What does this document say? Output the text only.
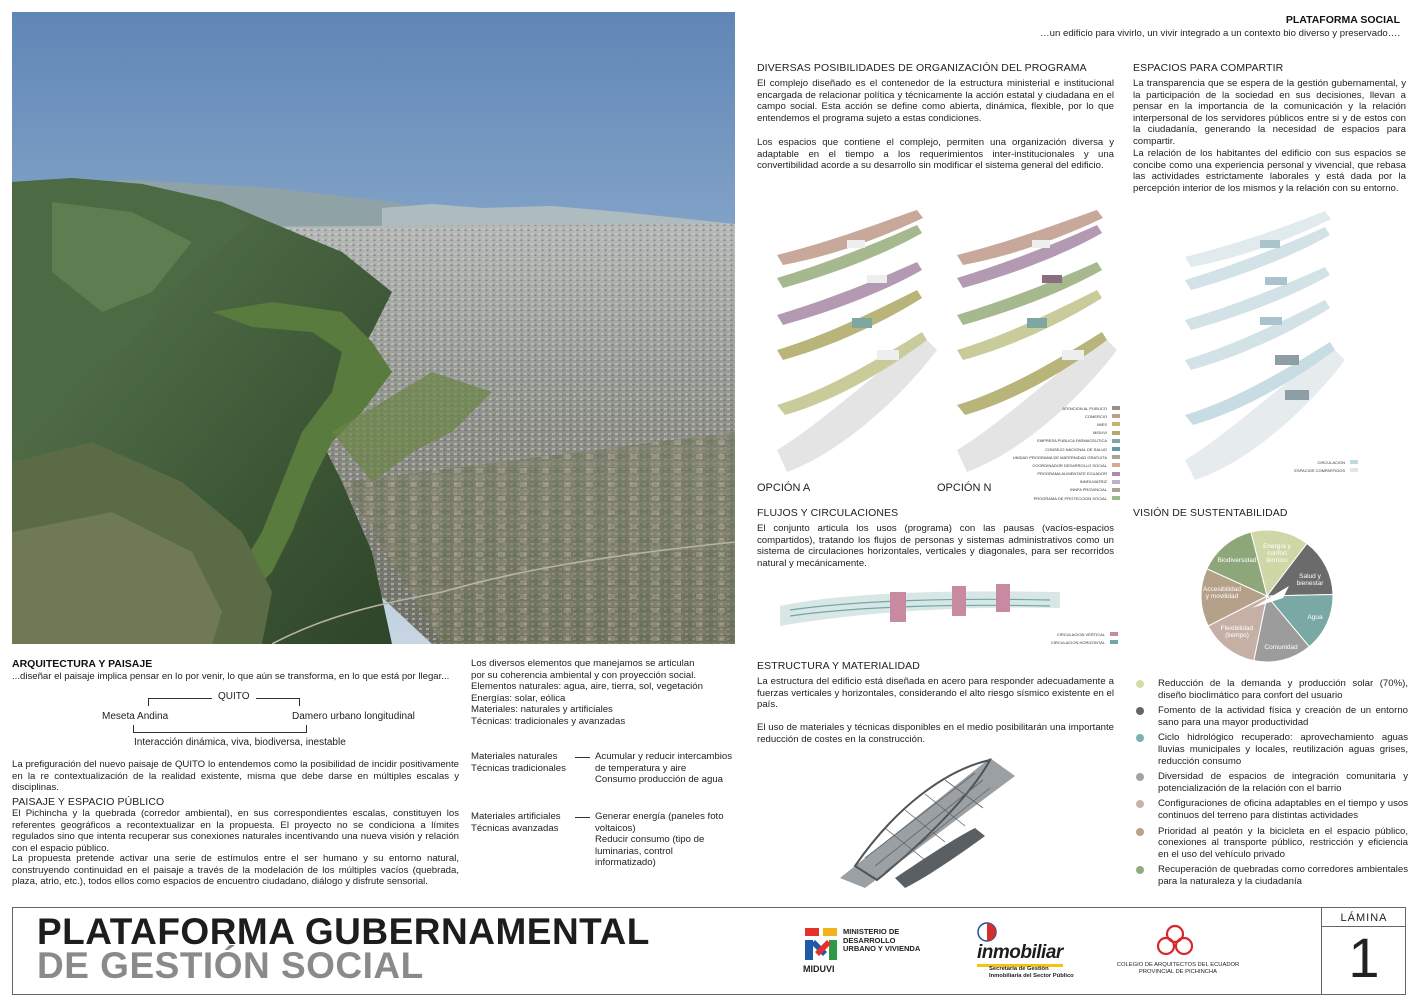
PLATAFORMA SOCIAL
…un edificio para vivirlo, un vivir integrado a un contexto bio diverso y preservado….
DIVERSAS POSIBILIDADES DE ORGANIZACIÓN DEL PROGRAMA
El complejo diseñado es el contenedor de la estructura ministerial e institucional encargada de relacionar política y técnicamente la acción estatal y ciudadana en el campo social. Esta acción se define como abierta, dinámica, flexible, por lo que entendemos el programa sujeto a estas condiciones.
Los espacios que contiene el complejo, permiten una organización diversa y adaptable en el tiempo a los requerimientos inter-institucionales y una convertibilidad acorde a su desarrollo sin modificar el sistema general del edificio.
ATENCION AL PUBLICO
COMERCIO
MIES
MIDUVI
EMPRESA PUBLICA FARMACEUTICA
CONSEJO NACIONAL DE SALUD
UNIDAD PROGRAMA DE MATERNIDAD GRATUITA
COORDINADOR DESARROLLO SOCIAL
PROGRAMA ALIMENTATE ECUADOR
INNFA MATRIZ
INNFA PROVINCIAL
PROGRAMA DE PROTECCION SOCIAL
OPCIÓN A	OPCIÓN N
ESPACIOS PARA COMPARTIR
La transparencia que se espera de la gestión gubernamental, y la participación de la sociedad en sus decisiones, llevan a pensar en la importancia de la comunicación y la relación interpersonal de los servidores públicos entre si y de estos con la ciudadanía, generando la necesidad de espacios para compartir.
La relación de los habitantes del edificio con sus espacios se concibe como una experiencia personal y vivencial, que rebasa las actividades estrictamente laborales y está dada por la percepción interior de los mismos y la relación con su entorno.
CIRCULACION
ESPACIOS COMPARTIDOS
FLUJOS Y CIRCULACIONES
El conjunto articula los usos (programa) con las pausas (vacíos-espacios compartidos), tratando los flujos de personas y sistemas administrativos como un sistema de circulaciones horizontales, verticales y diagonales, para ser recorridos natural y mecánicamente.
CIRCULACION VERTICAL
CIRCULACION HORIZONTAL
ESTRUCTURA Y MATERIALIDAD
La estructura del edificio está diseñada en acero para responder adecuadamente a fuerzas verticales y horizontales, considerando el alto riesgo sísmico existente en el país.
El uso de materiales y técnicas disponibles en el medio posibilitarán una importante reducción de costes en la construcción.
VISIÓN DE SUSTENTABILIDAD
Energía y confort térmico
Salud y bienestar
Agua
Comunidad
Flexibilidad (tiempo)
Accesibilidad y movilidad
Biodiversidad
Reducción de la demanda y producción solar (70%), diseño bioclimático para confort del usuario
Fomento de la actividad física y creación de un entorno sano para una mayor productividad
Ciclo hidrológico recuperado: aprovechamiento aguas lluvias municipales y locales, reutilización aguas grises, reducción consumo
Diversidad de espacios de integración comunitaria y potencialización de la relación con el barrio
Configuraciones de oficina adaptables en el tiempo y usos continuos del terreno para distintas actividades
Prioridad al peatón y la bicicleta en el espacio público, conexiones al transporte público, restricción y eficiencia en el uso del vehículo privado
Recuperación de quebradas como corredores ambientales para la naturaleza y la ciudadanía
ARQUITECTURA Y PAISAJE
...diseñar el paisaje implica pensar en lo por venir, lo que aún se transforma, en lo que está por llegar...
QUITO
Meseta Andina	Damero urbano longitudinal
Interacción dinámica, viva, biodiversa, inestable
La prefiguración del nuevo paisaje de QUITO lo entendemos como la posibilidad de incidir positivamente en la re contextualización de la realidad existente, misma que debe darse en múltiples escalas y disciplinas.
PAISAJE Y ESPACIO PÚBLICO
El Pichincha y la quebrada (corredor ambiental), en sus correspondientes escalas, constituyen los referentes geográficos a recontextualizar en la propuesta. El proyecto no se condiciona a límites regulados sino que intenta recuperar sus conexiones naturales incentivando una nueva visión y relación con el espacio público.
La propuesta pretende activar una serie de estímulos entre el ser humano y su entorno natural, construyendo continuidad en el paisaje a través de la modelación de los múltiples vacíos (quebrada, plaza, atrio, etc.), todos ellos como espacios de encuentro ciudadano, diálogo y disfrute sensorial.
Los diversos elementos que manejamos se articulan por su coherencia ambiental y con proyección social.
Elementos naturales: agua, aire, tierra, sol, vegetación
Energías: solar, eólica
Materiales: naturales y artificiales
Técnicas: tradicionales y avanzadas
Materiales naturales
Técnicas tradicionales
Acumular y reducir intercambios de temperatura y aire
Consumo producción de agua
Materiales artificiales
Técnicas avanzadas
Generar energía (paneles foto voltaicos)
Reducir consumo (tipo de luminarias, control informatizado)
PLATAFORMA GUBERNAMENTAL
DE GESTIÓN SOCIAL
MINISTERIO DE
DESARROLLO
URBANO Y VIVIENDA
MIDUVI
inmobiliar
Secretaría de Gestión
Inmobiliaria del Sector Público
COLEGIO DE ARQUITECTOS DEL ECUADOR
PROVINCIAL DE PICHINCHA
LÁMINA
1
